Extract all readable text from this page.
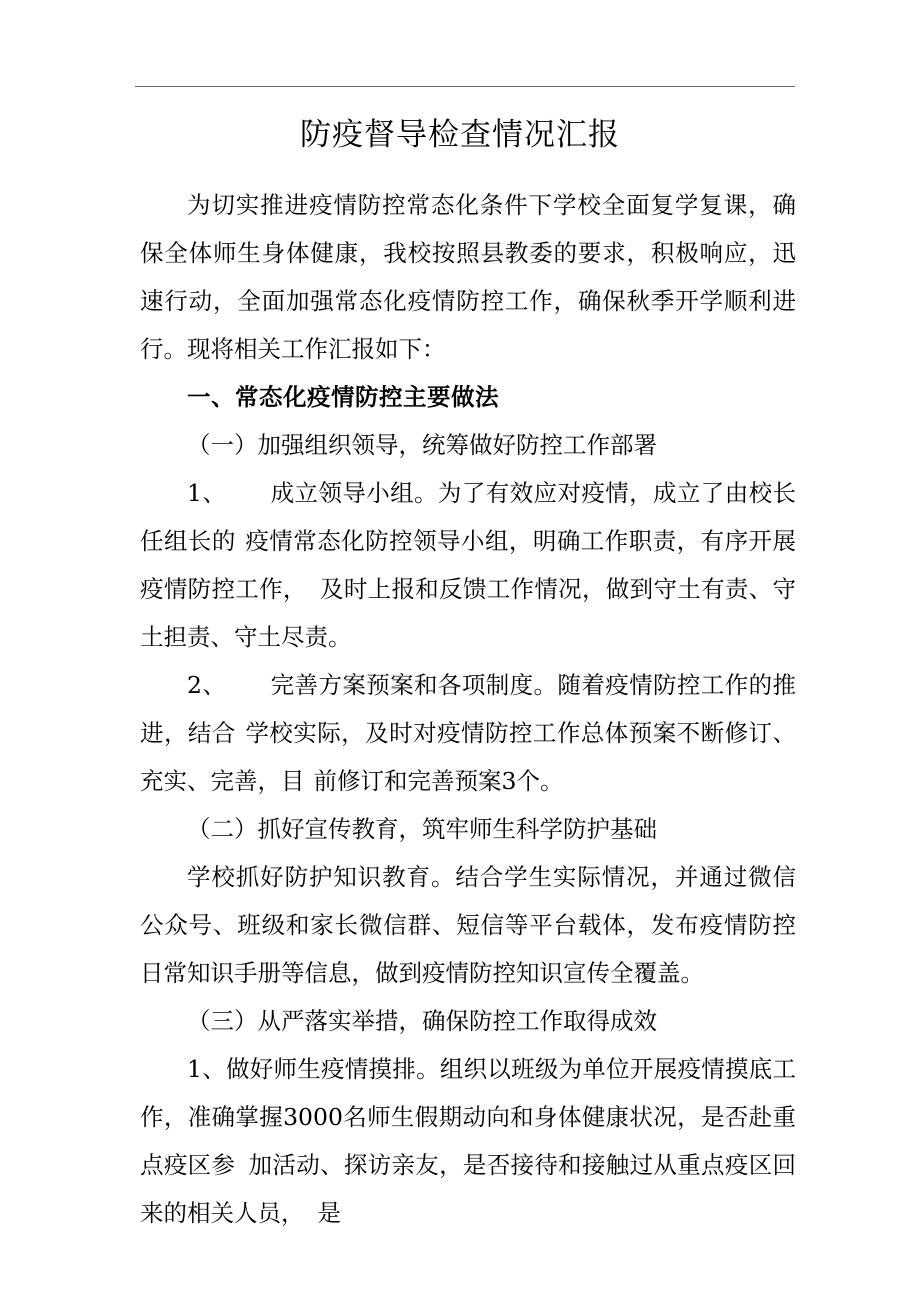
防疫督导检查情况汇报

为切实推进疫情防控常态化条件下学校全面复学复课，确保全体师生身体健康，我校按照县教委的要求，积极响应，迅速行动，全面加强常态化疫情防控工作，确保秋季开学顺利进行。现将相关工作汇报如下：

一、常态化疫情防控主要做法

（一）加强组织领导，统筹做好防控工作部署

1、 成立领导小组。为了有效应对疫情，成立了由校长任组长的 疫情常态化防控领导小组，明确工作职责，有序开展疫情防控工作， 及时上报和反馈工作情况，做到守土有责、守土担责、守土尽责。

2、 完善方案预案和各项制度。随着疫情防控工作的推进，结合 学校实际，及时对疫情防控工作总体预案不断修订、充实、完善，目 前修订和完善预案3个。

（二）抓好宣传教育，筑牢师生科学防护基础

学校抓好防护知识教育。结合学生实际情况，并通过微信公众号、班级和家长微信群、短信等平台载体，发布疫情防控日常知识手册等信息，做到疫情防控知识宣传全覆盖。

（三）从严落实举措，确保防控工作取得成效

1、做好师生疫情摸排。组织以班级为单位开展疫情摸底工作，准确掌握3000名师生假期动向和身体健康状况，是否赴重点疫区参 加活动、探访亲友，是否接待和接触过从重点疫区回来的相关人员， 是
